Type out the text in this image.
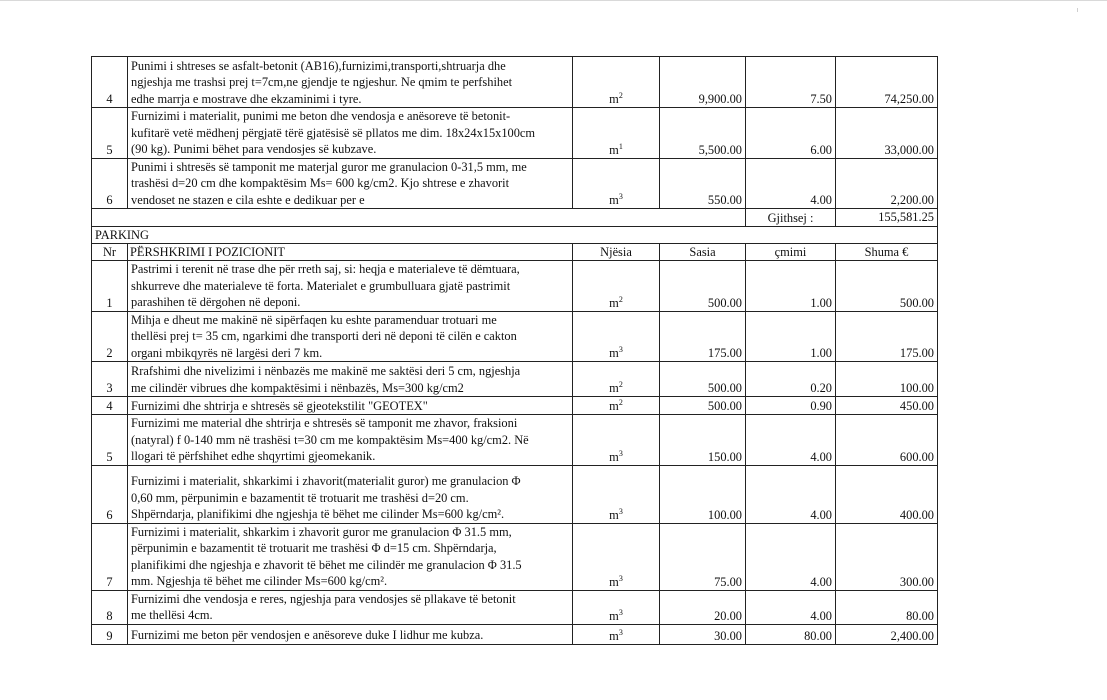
4	Punimi i shtreses se asfalt-betonit (AB16),furnizimi,transporti,shtruarja dhe
ngjeshja me trashsi prej t=7cm,ne gjendje te ngjeshur. Ne qmim te perfshihet
edhe marrja e mostrave dhe ekzaminimi i tyre.	$m^2$	9,900.00	7.50	74,250.00
5	Furnizimi i materialit, punimi me beton dhe vendosja e anësoreve të betonit-
kufitarë vetë mëdhenj përgjatë tërë gjatësisë së pllatos me dim. 18x24x15x100cm
(90 kg). Punimi bëhet para vendosjes së kubzave.	$m^1$	5,500.00	6.00	33,000.00
6	Punimi i shtresës së tamponit me materjal guror me granulacion 0-31,5 mm, me
trashësi d=20 cm dhe kompaktësim Ms= 600 kg/cm2. Kjo shtrese e zhavorit
vendoset ne stazen e cila eshte e dedikuar per e	$m^3$	550.00	4.00	2,200.00
				Gjithsej :	155,581.25
PARKING					
Nr	PËRSHKRIMI I POZICIONIT	Njësia	Sasia	çmimi	Shuma €
1	Pastrimi i terenit në trase dhe për rreth saj, si: heqja e materialeve të dëmtuara,
shkurreve dhe materialeve të forta. Materialet e grumbulluara gjatë pastrimit
parashihen të dërgohen në deponi.	$m^2$	500.00	1.00	500.00
2	Mihja e dheut me makinë në sipërfaqen ku eshte paramenduar trotuari me
thellësi prej t= 35 cm, ngarkimi dhe transporti deri në deponi të cilën e cakton
organi mbikqyrës në largësi deri 7 km.	$m^3$	175.00	1.00	175.00
3	Rrafshimi dhe nivelizimi i nënbazës me makinë me saktësi deri 5 cm, ngjeshja
me cilindër vibrues dhe kompaktësimi i nënbazës, Ms=300 kg/cm2	$m^2$	500.00	0.20	100.00
4	Furnizimi dhe shtrirja e shtresës së gjeotekstilit "GEOTEX"	$m^2$	500.00	0.90	450.00
5	Furnizimi me material dhe shtrirja e shtresës së tamponit me zhavor, fraksioni
(natyral) f 0-140 mm në trashësi t=30 cm me kompaktësim Ms=400 kg/cm2. Në
llogari të përfshihet edhe shqyrtimi gjeomekanik.	$m^3$	150.00	4.00	600.00
6	Furnizimi i materialit, shkarkimi i zhavorit(materialit guror) me granulacion Φ
0,60 mm, përpunimin e bazamentit të trotuarit me trashësi d=20 cm.
Shpërndarja, planifikimi dhe ngjeshja të bëhet me cilinder Ms=600 kg/cm².	$m^3$	100.00	4.00	400.00
7	Furnizimi i materialit, shkarkim i zhavorit guror me granulacion Φ 31.5 mm,
përpunimin e bazamentit të trotuarit me trashësi Φ d=15 cm. Shpërndarja,
planifikimi dhe ngjeshja e zhavorit të bëhet me cilindër me granulacion Φ 31.5
mm. Ngjeshja të bëhet me cilinder Ms=600 kg/cm².	$m^3$	75.00	4.00	300.00
8	Furnizimi dhe vendosja e reres, ngjeshja para vendosjes së pllakave të betonit
me thellësi 4cm.	$m^3$	20.00	4.00	80.00
9	Furnizimi me beton për vendosjen e anësoreve duke I lidhur me kubza.	$m^3$	30.00	80.00	2,400.00
